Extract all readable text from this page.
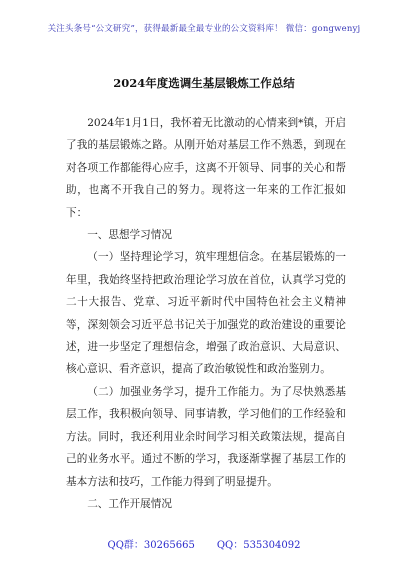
关注头条号“公文研究”，获得最新最全最专业的公文资料库！ 微信：gongwenyj
2024年度选调生基层锻炼工作总结

2024年1月1日，我怀着无比激动的心情来到*镇，开启了我的基层锻炼之路。从刚开始对基层工作不熟悉，到现在对各项工作都能得心应手，这离不开领导、同事的关心和帮助，也离不开我自己的努力。现将这一年来的工作汇报如下：

一、思想学习情况

（一）坚持理论学习，筑牢理想信念。在基层锻炼的一年里，我始终坚持把政治理论学习放在首位，认真学习党的二十大报告、党章、习近平新时代中国特色社会主义精神等，深刻领会习近平总书记关于加强党的政治建设的重要论述，进一步坚定了理想信念，增强了政治意识、大局意识、核心意识、看齐意识，提高了政治敏锐性和政治鉴别力。

（二）加强业务学习，提升工作能力。为了尽快熟悉基层工作，我积极向领导、同事请教，学习他们的工作经验和方法。同时，我还利用业余时间学习相关政策法规，提高自己的业务水平。通过不断的学习，我逐渐掌握了基层工作的基本方法和技巧，工作能力得到了明显提升。

二、工作开展情况

QQ群：30265665 QQ：535304092
